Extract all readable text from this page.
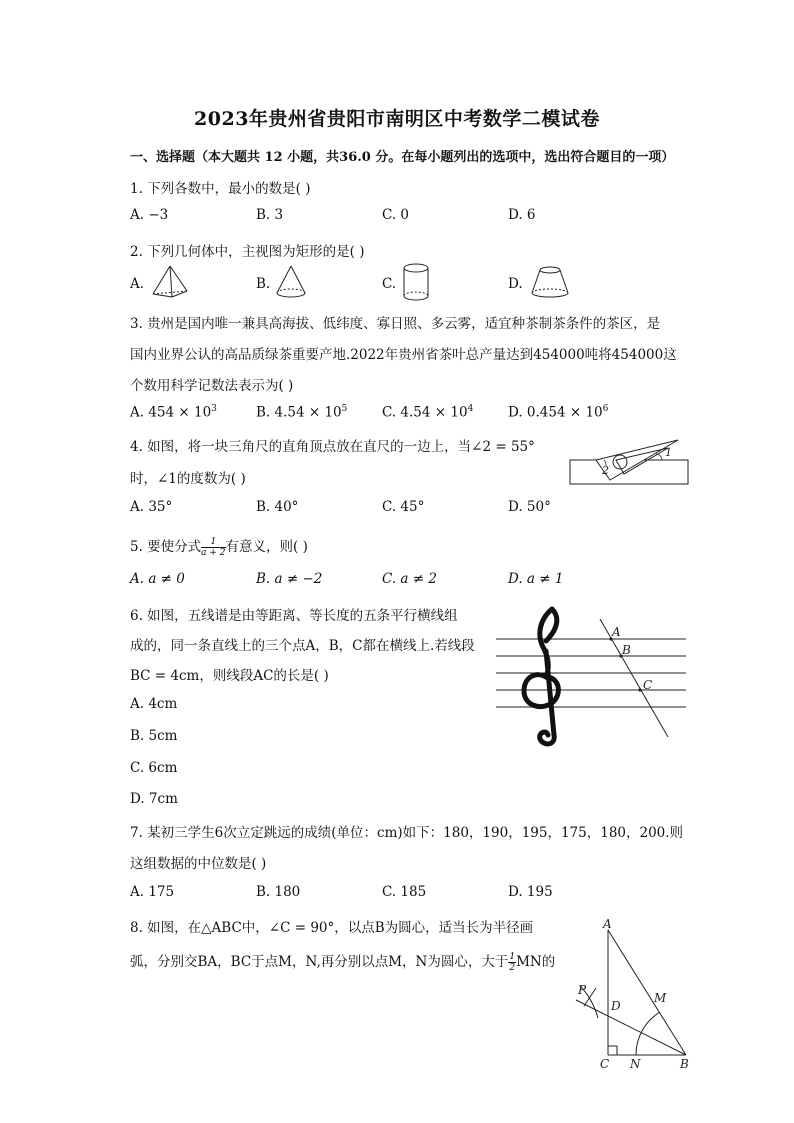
2023年贵州省贵阳市南明区中考数学二模试卷
一、选择题（本大题共 12 小题，共36.0 分。在每小题列出的选项中，选出符合题目的一项）
1. 下列各数中，最小的数是( )
A. −3	B. 3	C. 0	D. 6
2. 下列几何体中，主视图为矩形的是( )
A.	B.	C.	D.
3. 贵州是国内唯一兼具高海拔、低纬度、寡日照、多云雾，适宜种茶制茶条件的茶区，是
国内业界公认的高品质绿茶重要产地.2022年贵州省茶叶总产量达到454000吨将454000这
个数用科学记数法表示为( )
A. $454 \times 10^3$	B. $4.54 \times 10^5$	C. $4.54 \times 10^4$	D. $0.454 \times 10^6$
4. 如图，将一块三角尺的直角顶点放在直尺的一边上，当∠2 = 55°
时，∠1的度数为( )
2
1
A. 35°	B. 40°	C. 45°	D. 50°
5. 要使分式 $\frac{1}{a + 2}$ 有意义，则( )
A. a ≠ 0	B. a ≠ −2	C. a ≠ 2	D. a ≠ 1
6. 如图，五线谱是由等距离、等长度的五条平行横线组
成的，同一条直线上的三个点A，B，C都在横线上.若线段
BC = 4cm，则线段AC的长是( )
A. 4cm
B. 5cm
C. 6cm
D. 7cm
A
B
C
7. 某初三学生6次立定跳远的成绩(单位：cm)如下：180，190，195，175，180，200.则
这组数据的中位数是( )
A. 175	B. 180	C. 185	D. 195
8. 如图，在△ABC中，∠C = 90°，以点B为圆心，适当长为半径画
弧，分别交BA，BC于点M，N,再分别以点M，N为圆心，大于 $\frac{1}{2}$ MN的
A
B
C
D
M
N
P
